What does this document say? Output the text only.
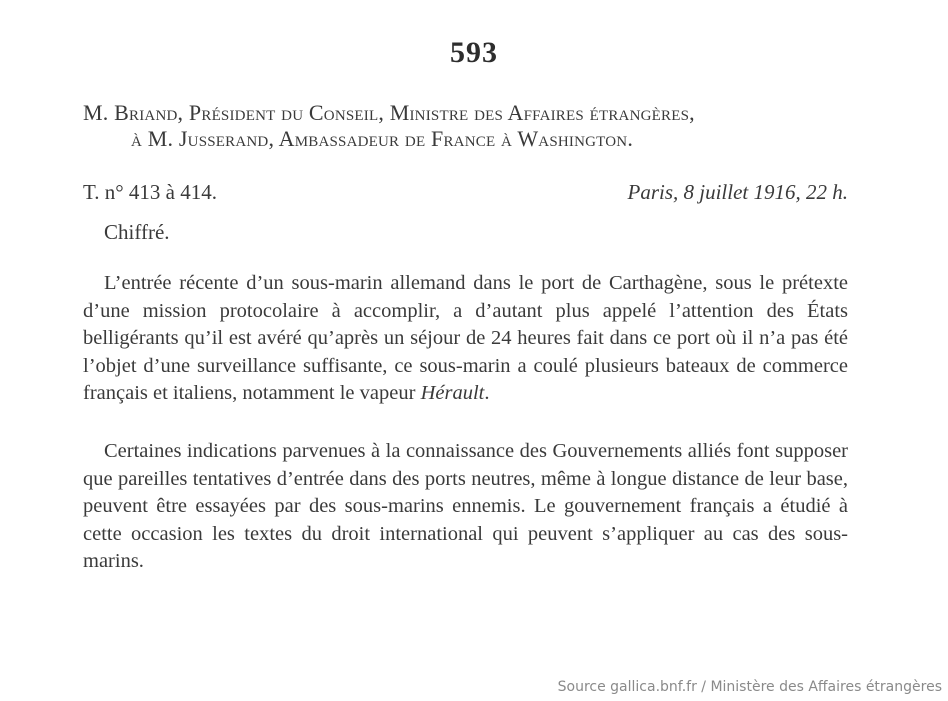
593
M. Briand, Président du Conseil, Ministre des Affaires étrangères,
à M. Jusserand, Ambassadeur de France à Washington.
T. n° 413 à 414.	Paris, 8 juillet 1916, 22 h.
Chiffré.

L’entrée récente d’un sous-marin allemand dans le port de Carthagène, sous le prétexte d’une mission protocolaire à accomplir, a d’autant plus appelé l’attention des États belligérants qu’il est avéré qu’après un séjour de 24 heures fait dans ce port où il n’a pas été l’objet d’une surveillance suffisante, ce sous-marin a coulé plusieurs bateaux de commerce français et italiens, notamment le vapeur Hérault.

Certaines indications parvenues à la connaissance des Gouvernements alliés font supposer que pareilles tentatives d’entrée dans des ports neutres, même à longue distance de leur base, peuvent être essayées par des sous-marins ennemis. Le gouvernement français a étudié à cette occasion les textes du droit international qui peuvent s’appliquer au cas des sous-marins.

Source gallica.bnf.fr / Ministère des Affaires étrangères
